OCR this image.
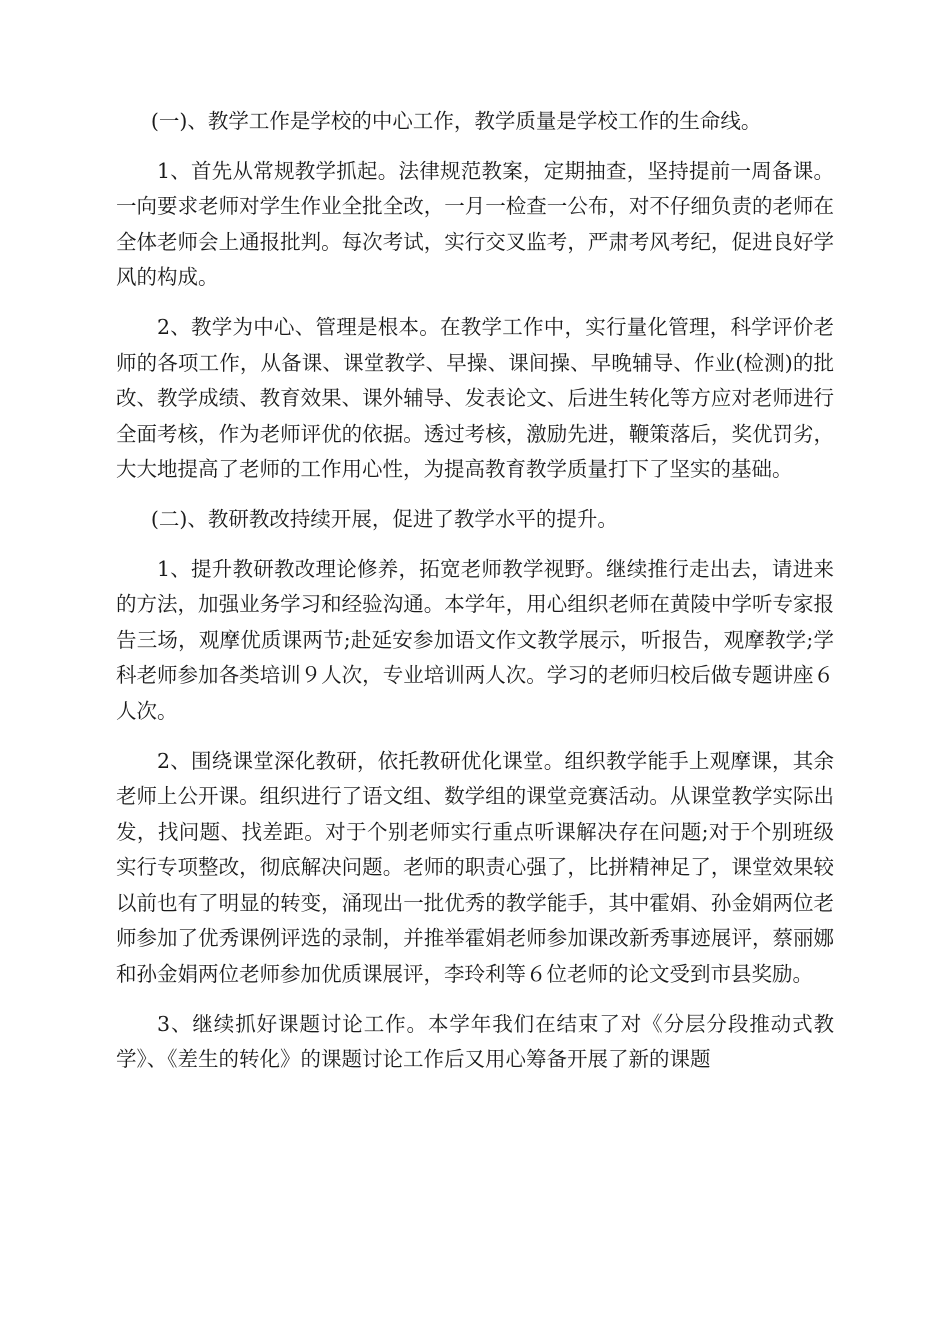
(一)、教学工作是学校的中心工作，教学质量是学校工作的生命线。

1、首先从常规教学抓起。法律规范教案，定期抽查，坚持提前一周备课。一向要求老师对学生作业全批全改，一月一检查一公布，对不仔细负责的老师在全体老师会上通报批判。每次考试，实行交叉监考，严肃考风考纪，促进良好学风的构成。

2、教学为中心、管理是根本。在教学工作中，实行量化管理，科学评价老师的各项工作，从备课、课堂教学、早操、课间操、早晚辅导、作业(检测)的批改、教学成绩、教育效果、课外辅导、发表论文、后进生转化等方应对老师进行全面考核，作为老师评优的依据。透过考核，激励先进，鞭策落后，奖优罚劣，大大地提高了老师的工作用心性，为提高教育教学质量打下了坚实的基础。

(二)、教研教改持续开展，促进了教学水平的提升。

1、提升教研教改理论修养，拓宽老师教学视野。继续推行走出去，请进来的方法，加强业务学习和经验沟通。本学年，用心组织老师在黄陵中学听专家报告三场，观摩优质课两节;赴延安参加语文作文教学展示，听报告，观摩教学;学科老师参加各类培训９人次，专业培训两人次。学习的老师归校后做专题讲座６人次。

2、围绕课堂深化教研，依托教研优化课堂。组织教学能手上观摩课，其余老师上公开课。组织进行了语文组、数学组的课堂竞赛活动。从课堂教学实际出发，找问题、找差距。对于个别老师实行重点听课解决存在问题;对于个别班级实行专项整改，彻底解决问题。老师的职责心强了，比拼精神足了，课堂效果较以前也有了明显的转变，涌现出一批优秀的教学能手，其中霍娟、孙金娟两位老师参加了优秀课例评选的录制，并推举霍娟老师参加课改新秀事迹展评，蔡丽娜和孙金娟两位老师参加优质课展评，李玲利等６位老师的论文受到市县奖励。

3、继续抓好课题讨论工作。本学年我们在结束了对《分层分段推动式教学》、《差生的转化》的课题讨论工作后又用心筹备开展了新的课题
